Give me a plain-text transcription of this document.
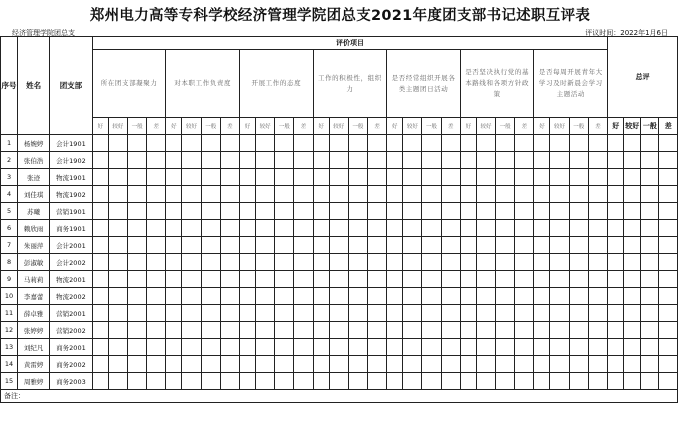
郑州电力高等专科学校经济管理学院团总支2021年度团支部书记述职互评表
经济管理学院团总支	评议时间：2022年1月6日
序号	姓名	团支部	评价项目																												总评			
			所在团支部凝聚力				对本职工作负责度				开展工作的态度				工作的积极性，组织力				是否经常组织开展各类主题团日活动				是否坚决执行党的基本路线和各项方针政策				是否每周开展青年大学习及时新晨会学习主题活动							
			好	较好	一般	差	好	较好	一般	差	好	较好	一般	差	好	较好	一般	差	好	较好	一般	差	好	较好	一般	差	好	较好	一般	差	好	较好	一般	差
1	杨婉婷	会计1901																																
2	张伯浩	会计1902																																
3	张迹	物流1901																																
4	刘佳琪	物流1902																																
5	苏曦	营销1901																																
6	赖欣雨	商务1901																																
7	朱丽萍	会计2001																																
8	彭淑敏	会计2002																																
9	马莉莉	物流2001																																
10	李嘉蕾	物流2002																																
11	薛卓雅	营销2001																																
12	张婷婷	营销2002																																
13	刘纪凡	商务2001																																
14	黄雷婷	商务2002																																
15	周雅婷	商务2003																																
备注：																																		
